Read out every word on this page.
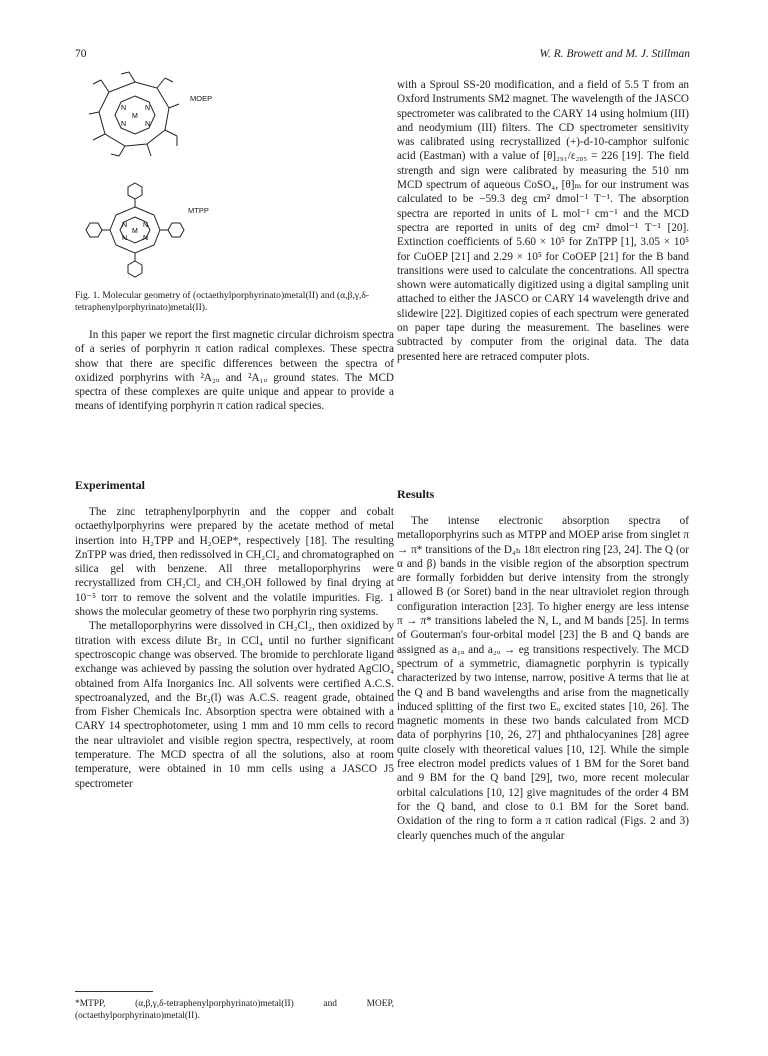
70	W. R. Browett and M. J. Stillman
N	N
N	N
M
MOEP
N N
N N
M
MTPP
Fig. 1. Molecular geometry of (octaethylporphyrinato)metal(II) and (α,β,γ,δ-tetraphenylporphyrinato)metal(II).

In this paper we report the first magnetic circular dichroism spectra of a series of porphyrin π cation radical complexes. These spectra show that there are specific differences between the spectra of oxidized porphyrins with ²A₂ᵤ and ²A₁ᵤ ground states. The MCD spectra of these complexes are quite unique and appear to provide a means of identifying porphyrin π cation radical species.

Experimental

The zinc tetraphenylporphyrin and the copper and cobalt octaethylporphyrins were prepared by the acetate method of metal insertion into H₂TPP and H₂OEP*, respectively [18]. The resulting ZnTPP was dried, then redissolved in CH₂Cl₂ and chromatographed on silica gel with benzene. All three metalloporphyrins were recrystallized from CH₂Cl₂ and CH₃OH followed by final drying at 10⁻⁵ torr to remove the solvent and the volatile impurities. Fig. 1 shows the molecular geometry of these two porphyrin ring systems.

The metalloporphyrins were dissolved in CH₂Cl₂, then oxidized by titration with excess dilute Br₂ in CCl₄ until no further significant spectroscopic change was observed. The bromide to perchlorate ligand exchange was achieved by passing the solution over hydrated AgClO₄ obtained from Alfa Inorganics Inc. All solvents were certified A.C.S. spectroanalyzed, and the Br₂(l) was A.C.S. reagent grade, obtained from Fisher Chemicals Inc. Absorption spectra were obtained with a CARY 14 spectrophotometer, using 1 mm and 10 mm cells to record the near ultraviolet and visible region spectra, respectively, at room temperature. The MCD spectra of all the solutions, also at room temperature, were obtained in 10 mm cells using a JASCO J5 spectrometer

*MTPP, (α,β,γ,δ-tetraphenylporphyrinato)metal(II) and MOEP, (octaethylporphyrinato)metal(II).

with a Sproul SS-20 modification, and a field of 5.5 T from an Oxford Instruments SM2 magnet. The wavelength of the JASCO spectrometer was calibrated to the CARY 14 using holmium (III) and neodymium (III) filters. The CD spectrometer sensitivity was calibrated using recrystallized (+)-d-10-camphor sulfonic acid (Eastman) with a value of [θ]₂₉₁/ε₂₈₅ = 226 [19]. The field strength and sign were calibrated by measuring the 510 nm MCD spectrum of aqueous CoSO₄, [θ]ₘ for our instrument was calculated to be −59.3 deg cm² dmol⁻¹ T⁻¹. The absorption spectra are reported in units of L mol⁻¹ cm⁻¹ and the MCD spectra are reported in units of deg cm² dmol⁻¹ T⁻¹ [20]. Extinction coefficients of 5.60 × 10⁵ for ZnTPP [1], 3.05 × 10⁵ for CuOEP [21] and 2.29 × 10⁵ for CoOEP [21] for the B band transitions were used to calculate the concentrations. All spectra shown were automatically digitized using a digital sampling unit attached to either the JASCO or CARY 14 wavelength drive and slidewire [22]. Digitized copies of each spectrum were generated on paper tape during the measurement. The baselines were subtracted by computer from the original data. The data presented here are retraced computer plots.

Results

The intense electronic absorption spectra of metalloporphyrins such as MTPP and MOEP arise from singlet π → π* transitions of the D₄ₕ 18π electron ring [23, 24]. The Q (or α and β) bands in the visible region of the absorption spectrum are formally forbidden but derive intensity from the strongly allowed B (or Soret) band in the near ultraviolet region through configuration interaction [23]. To higher energy are less intense π → π* transitions labeled the N, L, and M bands [25]. In terms of Gouterman's four-orbital model [23] the B and Q bands are assigned as a₁ᵤ and a₂ᵤ → eg transitions respectively. The MCD spectrum of a symmetric, diamagnetic porphyrin is typically characterized by two intense, narrow, positive A terms that lie at the Q and B band wavelengths and arise from the magnetically induced splitting of the first two Eᵤ excited states [10, 26]. The magnetic moments in these two bands calculated from MCD data of porphyrins [10, 26, 27] and phthalocyanines [28] agree quite closely with theoretical values [10, 12]. While the simple free electron model predicts values of 1 BM for the Soret band and 9 BM for the Q band [29], two, more recent molecular orbital calculations [10, 12] give magnitudes of the order 4 BM for the Q band, and close to 0.1 BM for the Soret band. Oxidation of the ring to form a π cation radical (Figs. 2 and 3) clearly quenches much of the angular
